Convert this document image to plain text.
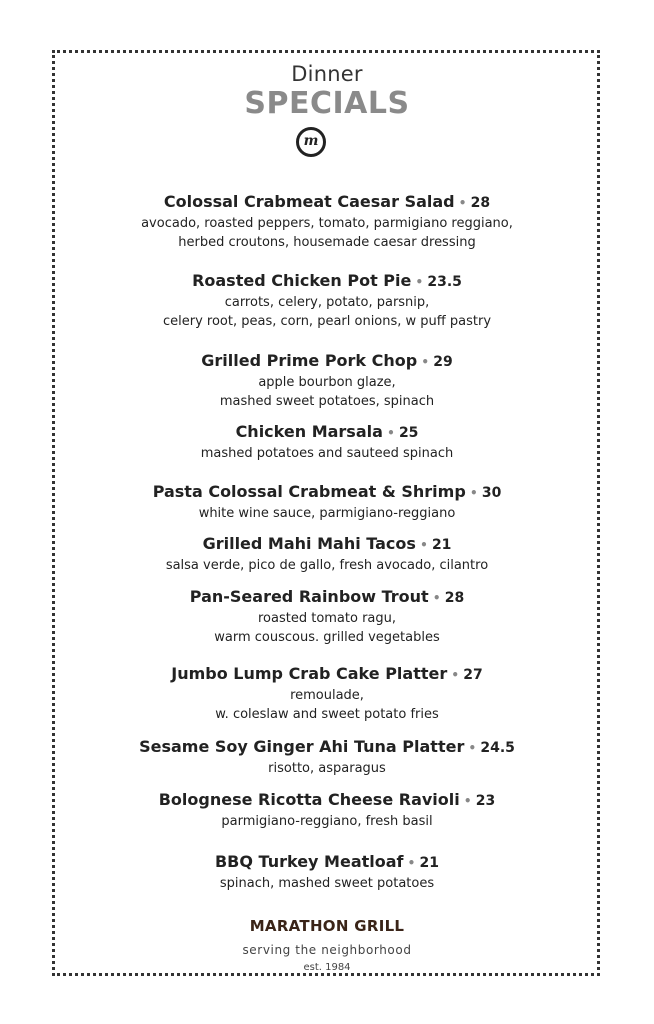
Dinner
SPECIALS
m
Colossal Crabmeat Caesar Salad • 28
avocado, roasted peppers, tomato, parmigiano reggiano,
herbed croutons, housemade caesar dressing
Roasted Chicken Pot Pie • 23.5
carrots, celery, potato, parsnip,
celery root, peas, corn, pearl onions, w puff pastry
Grilled Prime Pork Chop • 29
apple bourbon glaze,
mashed sweet potatoes, spinach
Chicken Marsala • 25
mashed potatoes and sauteed spinach
Pasta Colossal Crabmeat & Shrimp • 30
white wine sauce, parmigiano-reggiano
Grilled Mahi Mahi Tacos • 21
salsa verde, pico de gallo, fresh avocado, cilantro
Pan-Seared Rainbow Trout • 28
roasted tomato ragu,
warm couscous. grilled vegetables
Jumbo Lump Crab Cake Platter • 27
remoulade,
w. coleslaw and sweet potato fries
Sesame Soy Ginger Ahi Tuna Platter • 24.5
risotto, asparagus
Bolognese Ricotta Cheese Ravioli • 23
parmigiano-reggiano, fresh basil
BBQ Turkey Meatloaf • 21
spinach, mashed sweet potatoes
MARATHON GRILL
serving the neighborhood
est. 1984
